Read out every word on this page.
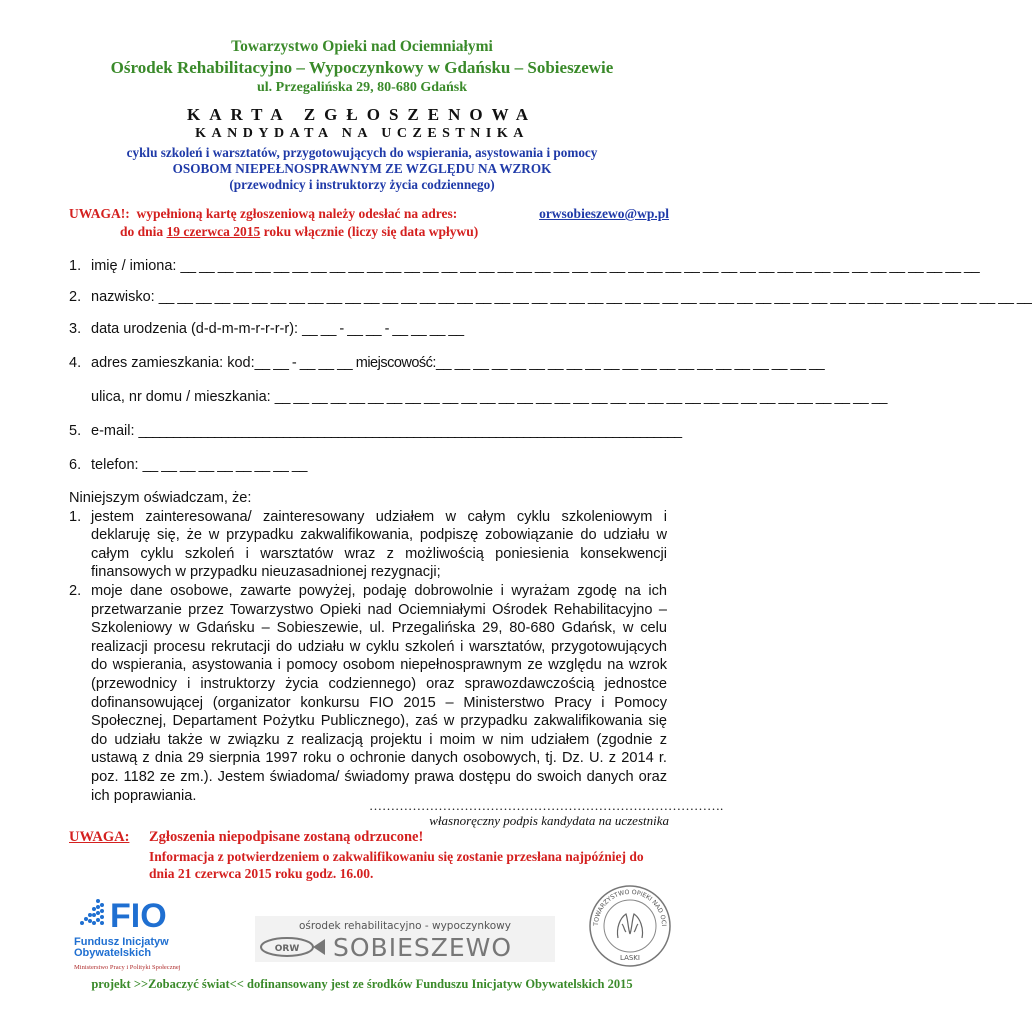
Towarzystwo Opieki nad Ociemniałymi
Ośrodek Rehabilitacyjno – Wypoczynkowy w Gdańsku – Sobieszewie
ul. Przegalińska 29, 80-680 Gdańsk
KARTA ZGŁOSZENOWA
KANDYDATA NA UCZESTNIKA
cyklu szkoleń i warsztatów, przygotowujących do wspierania, asystowania i pomocy
OSOBOM NIEPEŁNOSPRAWNYM ZE WZGLĘDU NA WZROK
(przewodnicy i instruktorzy życia codziennego)
UWAGA!: wypełnioną kartę zgłoszeniową należy odesłać na adres:	orwsobieszewo@wp.pl
do dnia 19 czerwca 2015 roku włącznie (liczy się data wpływu)
1. imię / imiona: __ __ __ __ __ __ __ __ __ __ __ __ __ __ __ __ __ __ __ __ __ __ __ __ __ __ __ __ __ __ __ __ __ __ __ __ __ __ __ __ __ __ __
2. nazwisko: __ __ __ __ __ __ __ __ __ __ __ __ __ __ __ __ __ __ __ __ __ __ __ __ __ __ __ __ __ __ __ __ __ __ __ __ __ __ __ __ __ __ __ __ __ __ __
3. data urodzenia (d-d-m-m-r-r-r-r): __ __ - __ __ - __ __ __ __
4. adres zamieszkania: kod:__ __ - __ __ __ miejscowość:__ __ __ __ __ __ __ __ __ __ __ __ __ __ __ __ __ __ __ __ __
ulica, nr domu / mieszkania: __ __ __ __ __ __ __ __ __ __ __ __ __ __ __ __ __ __ __ __ __ __ __ __ __ __ __ __ __ __ __ __ __
5. e-mail: _______________________________________________________________________________
6. telefon: __ __ __ __ __ __ __ __ __
Niniejszym oświadczam, że:
1. jestem zainteresowana/ zainteresowany udziałem w całym cyklu szkoleniowym i deklaruję się, że w przypadku zakwalifikowania, podpiszę zobowiązanie do udziału w całym cyklu szkoleń i warsztatów wraz z możliwością poniesienia konsekwencji finansowych w przypadku nieuzasadnionej rezygnacji;
2. moje dane osobowe, zawarte powyżej, podaję dobrowolnie i wyrażam zgodę na ich przetwarzanie przez Towarzystwo Opieki nad Ociemniałymi Ośrodek Rehabilitacyjno – Szkoleniowy w Gdańsku – Sobieszewie, ul. Przegalińska 29, 80-680 Gdańsk, w celu realizacji procesu rekrutacji do udziału w cyklu szkoleń i warsztatów, przygotowujących do wspierania, asystowania i pomocy osobom niepełnosprawnym ze względu na wzrok (przewodnicy i instruktorzy życia codziennego) oraz sprawozdawczością jednostce dofinansowującej (organizator konkursu FIO 2015 – Ministerstwo Pracy i Pomocy Społecznej, Departament Pożytku Publicznego), zaś w przypadku zakwalifikowania się do udziału także w związku z realizacją projektu i moim w nim udziałem (zgodnie z ustawą z dnia 29 sierpnia 1997 roku o ochronie danych osobowych, tj. Dz. U. z 2014 r. poz. 1182 ze zm.). Jestem świadoma/ świadomy prawa dostępu do swoich danych oraz ich poprawiania.
……………………………………………………………………….
własnoręczny podpis kandydata na uczestnika
UWAGA: Zgłoszenia niepodpisane zostaną odrzucone!
Informacja z potwierdzeniem o zakwalifikowaniu się zostanie przesłana najpóźniej do dnia 21 czerwca 2015 roku godz. 16.00.
FIO
Fundusz Inicjatyw
Obywatelskich
Ministerstwo Pracy i Polityki Społecznej
ośrodek rehabilitacyjno - wypoczynkowy
ORW SOBIESZEWO
TOWARZYSTWO OPIEKI NAD OCI
LASKI
projekt >>Zobaczyć świat<< dofinansowany jest ze środków Funduszu Inicjatyw Obywatelskich 2015
